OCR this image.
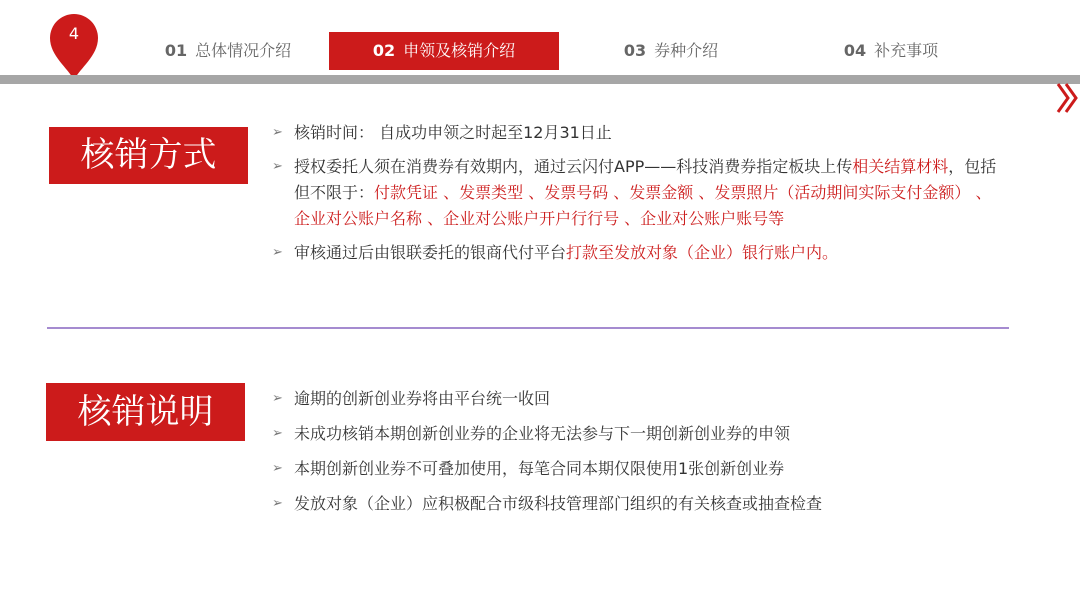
4
01 总体情况介绍	02 申领及核销介绍	03 券种介绍	04 补充事项
核销方式
➢ 核销时间： 自成功申领之时起至12月31日止
➢ 授权委托人须在消费券有效期内，通过云闪付APP——科技消费券指定板块上传相关结算材料，包括但不限于：付款凭证 、发票类型 、发票号码 、发票金额 、发票照片（活动期间实际支付金额） 、企业对公账户名称 、企业对公账户开户行行号 、企业对公账户账号等
➢ 审核通过后由银联委托的银商代付平台打款至发放对象（企业）银行账户内。
核销说明	➢ 逾期的创新创业券将由平台统一收回
➢ 未成功核销本期创新创业券的企业将无法参与下一期创新创业券的申领
➢ 本期创新创业券不可叠加使用，每笔合同本期仅限使用1张创新创业券
➢ 发放对象（企业）应积极配合市级科技管理部门组织的有关核查或抽查检查
